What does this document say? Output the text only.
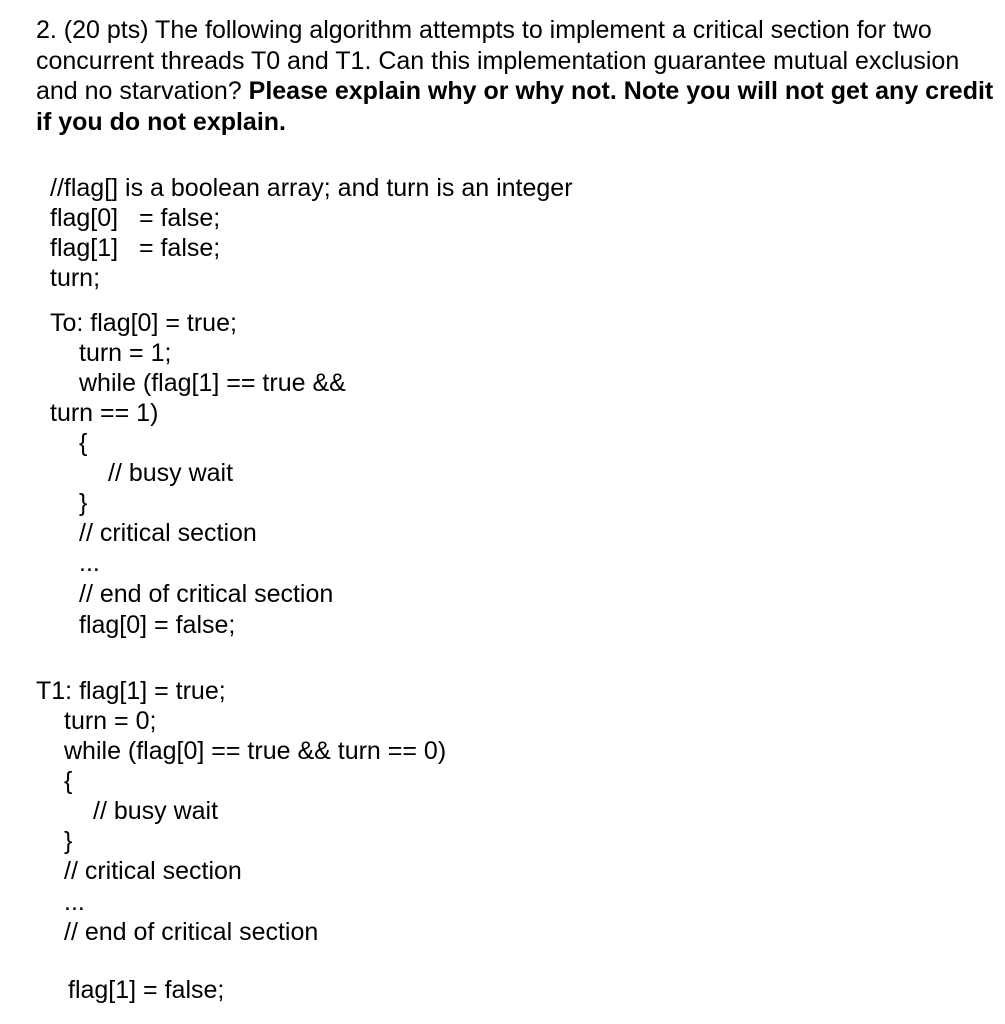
2. (20 pts) The following algorithm attempts to implement a critical section for two concurrent threads T0 and T1. Can this implementation guarantee mutual exclusion and no starvation? Please explain why or why not. Note you will not get any credit if you do not explain.

//flag[] is a boolean array; and turn is an integer
flag[0]   = false;
flag[1]   = false;
turn;
To: flag[0] = true;
turn = 1;
while (flag[1] == true &&
turn == 1)
{
// busy wait
}
// critical section
...
// end of critical section
flag[0] = false;
T1: flag[1] = true;
turn = 0;
while (flag[0] == true && turn == 0)
{
// busy wait
}
// critical section
...
// end of critical section
flag[1] = false;
